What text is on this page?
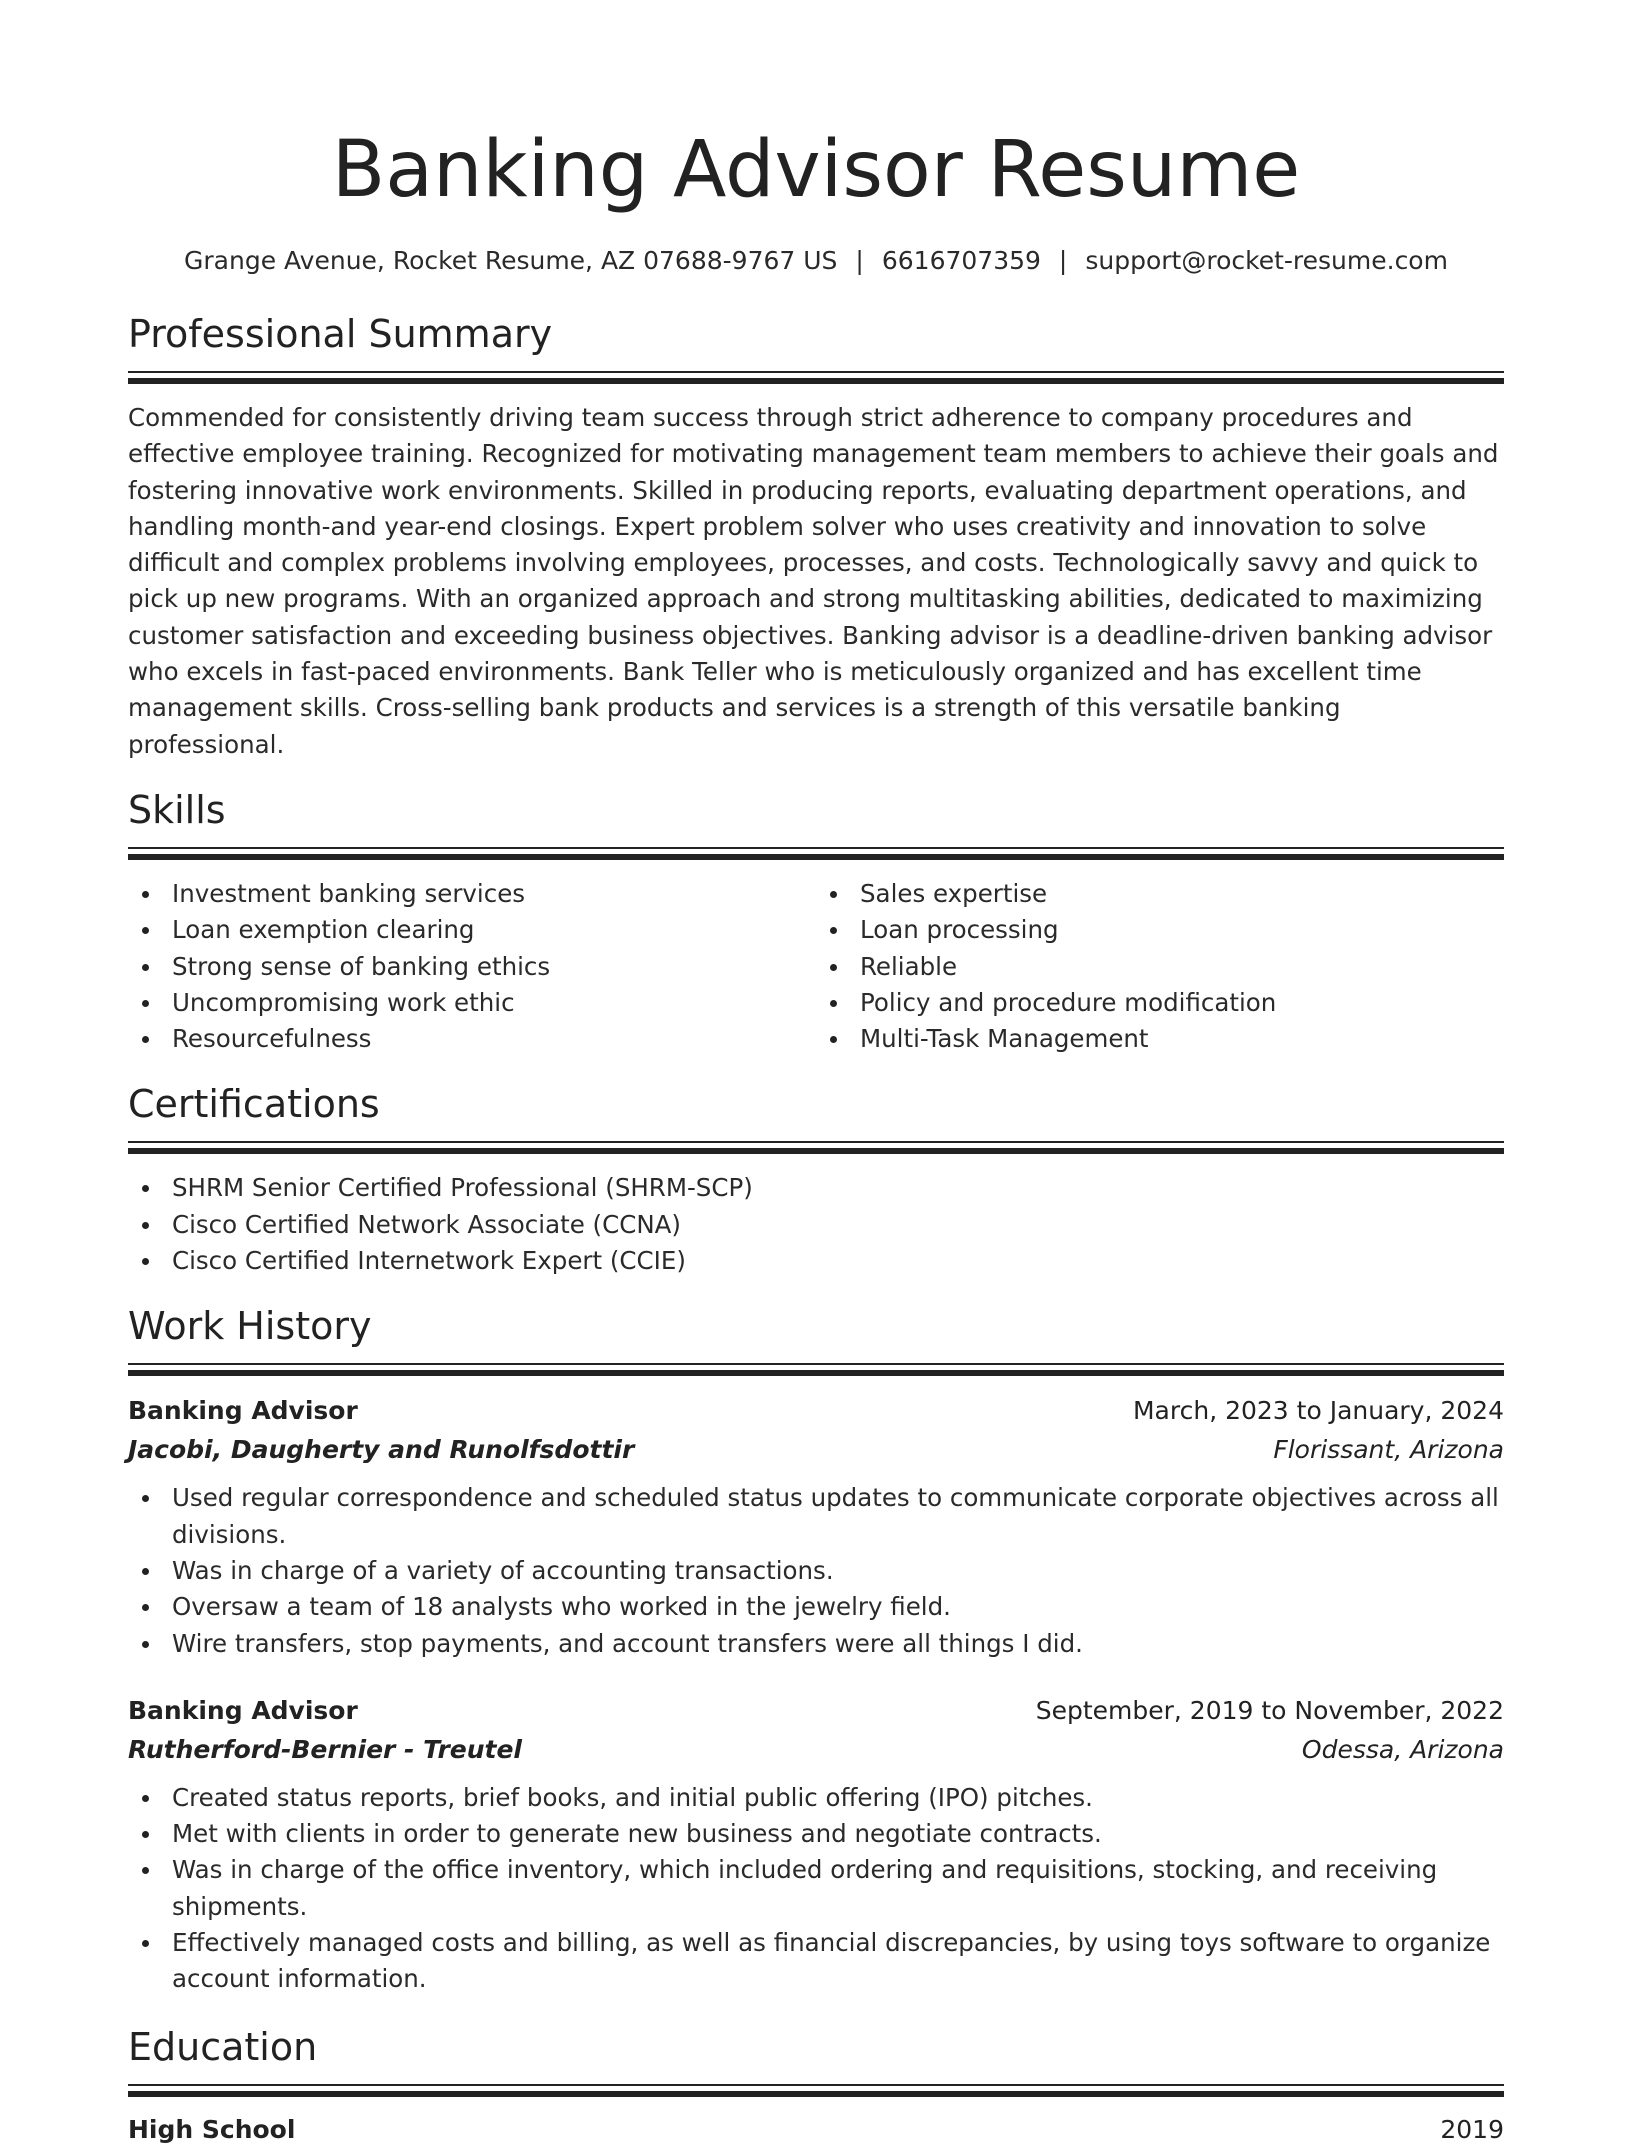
Banking Advisor Resume
Grange Avenue, Rocket Resume, AZ 07688-9767 US | 6616707359 | support@rocket-resume.com
Professional Summary
Commended for consistently driving team success through strict adherence to company procedures and effective employee training. Recognized for motivating management team members to achieve their goals and fostering innovative work environments. Skilled in producing reports, evaluating department operations, and handling month-and year-end closings. Expert problem solver who uses creativity and innovation to solve difficult and complex problems involving employees, processes, and costs. Technologically savvy and quick to pick up new programs. With an organized approach and strong multitasking abilities, dedicated to maximizing customer satisfaction and exceeding business objectives. Banking advisor is a deadline-driven banking advisor who excels in fast-paced environments. Bank Teller who is meticulously organized and has excellent time management skills. Cross-selling bank products and services is a strength of this versatile banking professional.
Skills
Investment banking services
Loan exemption clearing
Strong sense of banking ethics
Uncompromising work ethic
Resourcefulness
Sales expertise
Loan processing
Reliable
Policy and procedure modification
Multi-Task Management
Certifications
SHRM Senior Certified Professional (SHRM-SCP)
Cisco Certified Network Associate (CCNA)
Cisco Certified Internetwork Expert (CCIE)
Work History
Banking Advisor	March, 2023 to January, 2024
Jacobi, Daugherty and Runolfsdottir	Florissant, Arizona
Used regular correspondence and scheduled status updates to communicate corporate objectives across all divisions.
Was in charge of a variety of accounting transactions.
Oversaw a team of 18 analysts who worked in the jewelry field.
Wire transfers, stop payments, and account transfers were all things I did.
Banking Advisor	September, 2019 to November, 2022
Rutherford-Bernier - Treutel	Odessa, Arizona
Created status reports, brief books, and initial public offering (IPO) pitches.
Met with clients in order to generate new business and negotiate contracts.
Was in charge of the office inventory, which included ordering and requisitions, stocking, and receiving shipments.
Effectively managed costs and billing, as well as financial discrepancies, by using toys software to organize account information.
Education
High School	2019
